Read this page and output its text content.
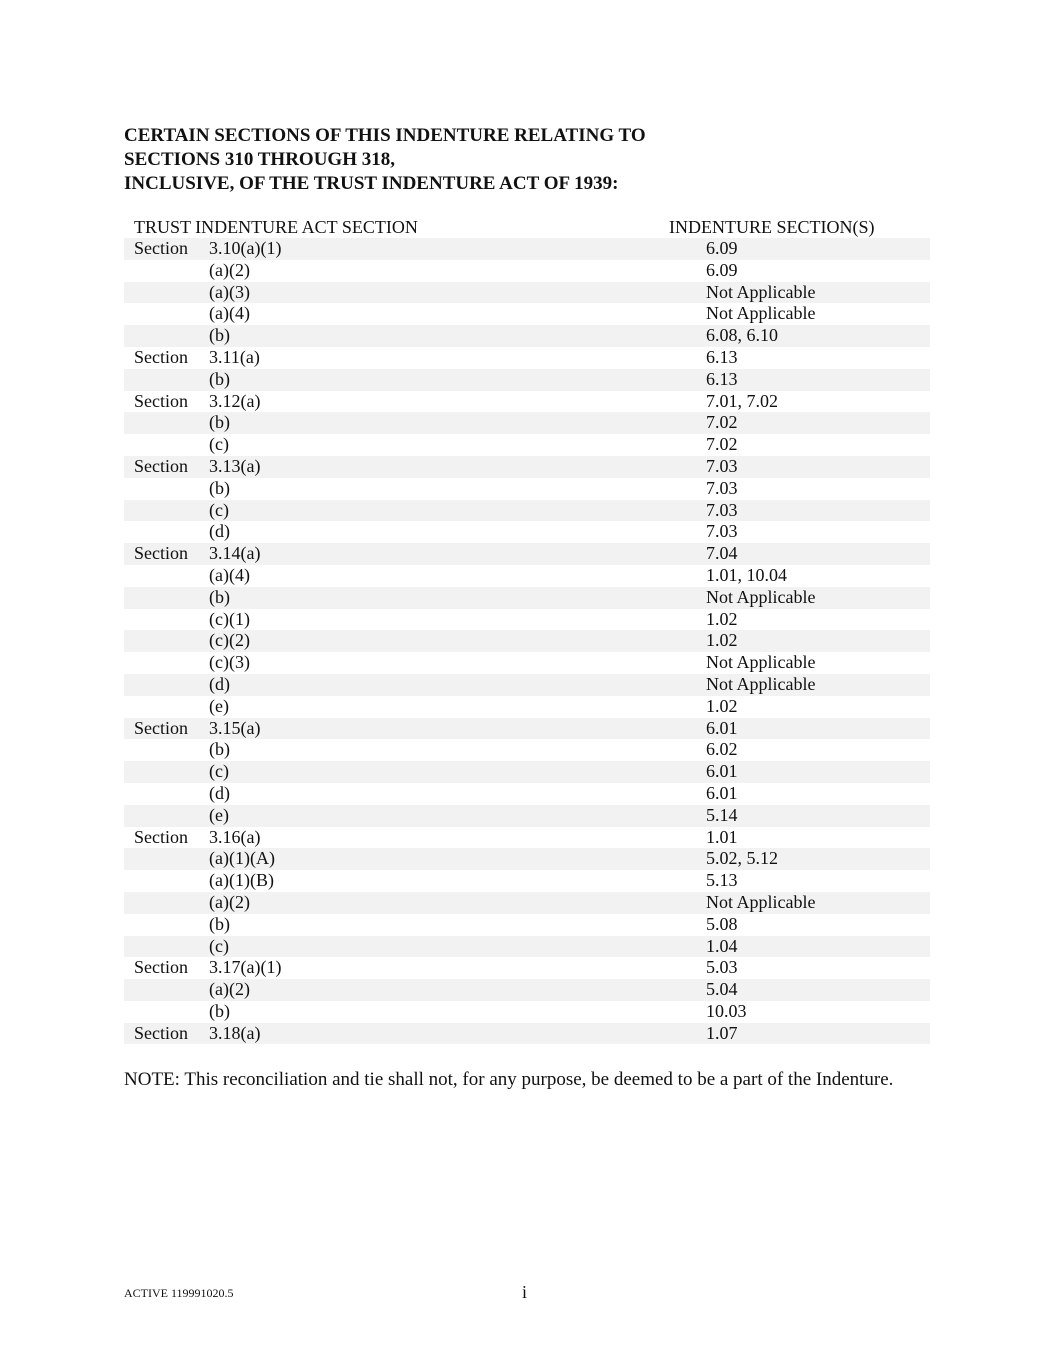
CERTAIN SECTIONS OF THIS INDENTURE RELATING TO
SECTIONS 310 THROUGH 318,
INCLUSIVE, OF THE TRUST INDENTURE ACT OF 1939:
TRUST INDENTURE ACT SECTION	INDENTURE SECTION(S)
Section 3.10(a)(1)	6.09
(a)(2)	6.09
(a)(3)	Not Applicable
(a)(4)	Not Applicable
(b)	6.08, 6.10
Section 3.11(a)	6.13
(b)	6.13
Section 3.12(a)	7.01, 7.02
(b)	7.02
(c)	7.02
Section 3.13(a)	7.03
(b)	7.03
(c)	7.03
(d)	7.03
Section 3.14(a)	7.04
(a)(4)	1.01, 10.04
(b)	Not Applicable
(c)(1)	1.02
(c)(2)	1.02
(c)(3)	Not Applicable
(d)	Not Applicable
(e)	1.02
Section 3.15(a)	6.01
(b)	6.02
(c)	6.01
(d)	6.01
(e)	5.14
Section 3.16(a)	1.01
(a)(1)(A)	5.02, 5.12
(a)(1)(B)	5.13
(a)(2)	Not Applicable
(b)	5.08
(c)	1.04
Section 3.17(a)(1)	5.03
(a)(2)	5.04
(b)	10.03
Section 3.18(a)	1.07
NOTE: This reconciliation and tie shall not, for any purpose, be deemed to be a part of the Indenture.
ACTIVE 119991020.5	i
